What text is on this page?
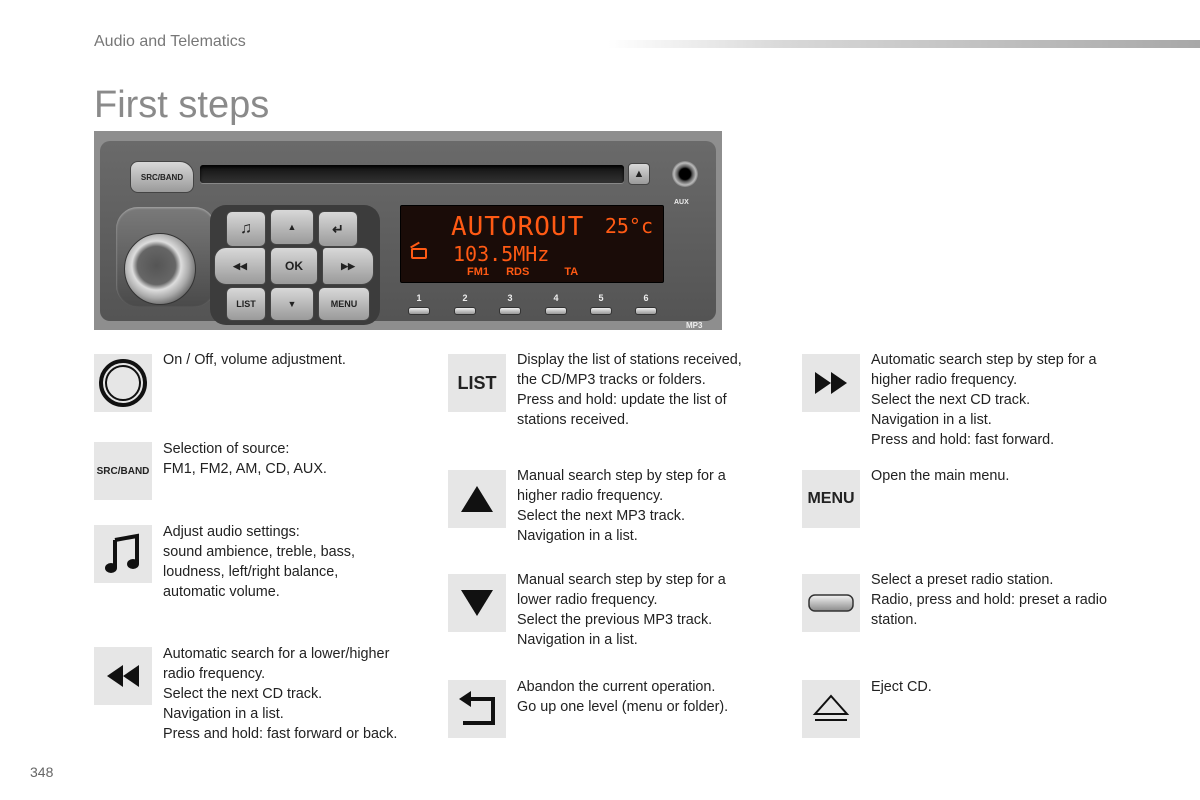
Audio and Telematics
First steps
SRC/BAND	▲
AUX
♫	▲	↵
◀◀	OK	▶▶
LIST	▼	MENU
AUTOROUT 25°c
103.5MHz
FM1 RDS	TA
1	2	3	4	5	6
MP3
On / Off, volume adjustment.
SRC/BAND
Selection of source:
FM1, FM2, AM, CD, AUX.
Adjust audio settings:
sound ambience, treble, bass,
loudness, left/right balance,
automatic volume.
Automatic search for a lower/higher
radio frequency.
Select the next CD track.
Navigation in a list.
Press and hold: fast forward or back.
LIST
Display the list of stations received,
the CD/MP3 tracks or folders.
Press and hold: update the list of
stations received.
Manual search step by step for a
higher radio frequency.
Select the next MP3 track.
Navigation in a list.
Manual search step by step for a
lower radio frequency.
Select the previous MP3 track.
Navigation in a list.
Abandon the current operation.
Go up one level (menu or folder).
Automatic search step by step for a
higher radio frequency.
Select the next CD track.
Navigation in a list.
Press and hold: fast forward.
MENU
Open the main menu.
Select a preset radio station.
Radio, press and hold: preset a radio
station.
Eject CD.
348
